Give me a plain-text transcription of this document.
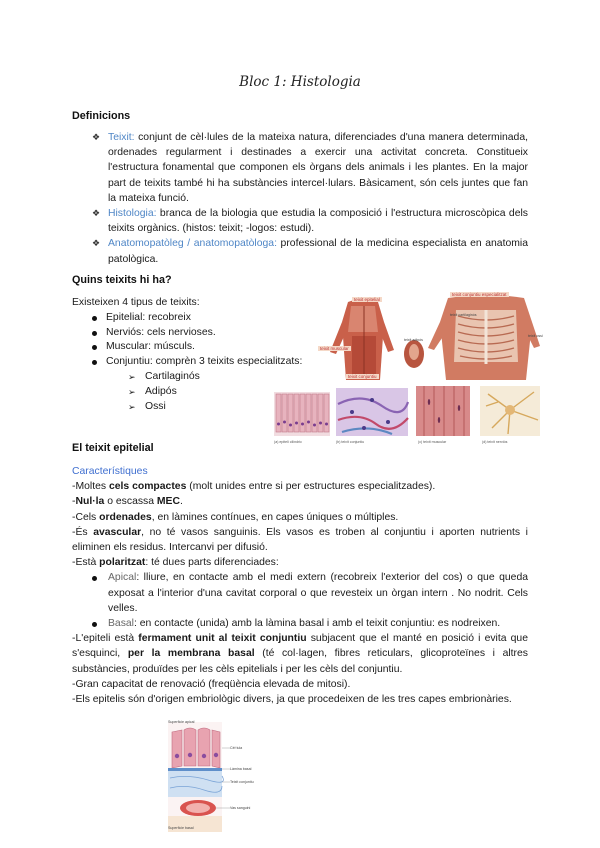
Bloc 1: Histologia
Definicions
❖ Teixit: conjunt de cèl·lules de la mateixa natura, diferenciades d'una manera determinada, ordenades regularment i destinades a exercir una activitat concreta. Constitueix l'estructura fonamental que componen els òrgans dels animals i les plantes. En la major part de teixits també hi ha substàncies intercel·lulars. Bàsicament, són cels juntes que fan la mateixa funció.
❖ Histologia: branca de la biologia que estudia la composició i l'estructura microscòpica dels teixits orgànics. (histos: teixit; -logos: estudi).
❖ Anatomopatòleg / anatomopatòloga: professional de la medicina especialista en anatomia patològica.
Quins teixits hi ha?
Existeixen 4 tipus de teixits:
Epitelial: recobreix
Nerviós: cels nervioses.
Muscular: músculs.
Conjuntiu: comprèn 3 teixits especialitzats:
➢ Cartilaginós
➢ Adipós
➢ Ossi
teixit epitelial
teixit conjuntiu especialitzat
teixit cartilaginós
teixit ossi
teixit adipós
teixit muscular
teixit conjuntiu
(a) epiteli cilíndric	(b) teixit conjuntiu	(c) teixit muscular	(d) teixit nerviós
El teixit epitelial

Característiques

-Moltes cels compactes (molt unides entre si per estructures especialitzades).

-Nul·la o escassa MEC.

-Cels ordenades, en làmines contínues, en capes úniques o múltiples.

-És avascular, no té vasos sanguinis. Els vasos es troben al conjuntiu i aporten nutrients i eliminen els residus. Intercanvi per difusió.

-Està polaritzat: té dues parts diferenciades:

Apical: lliure, en contacte amb el medi extern (recobreix l'exterior del cos) o que queda exposat a l'interior d'una cavitat corporal o que revesteix un òrgan intern . No nodrit. Cels velles.

Basal: en contacte (unida) amb la làmina basal i amb el teixit conjuntiu: es nodreixen.

-L'epiteli està fermament unit al teixit conjuntiu subjacent que el manté en posició i evita que s'esquinci, per la membrana basal (té col·lagen, fibres reticulars, glicoproteïnes i altres substàncies, produïdes per les cèls epitelials i per les cèls del conjuntiu.

-Gran capacitat de renovació (freqüència elevada de mitosi).

-Els epitelis són d'origen embriològic divers, ja que procedeixen de les tres capes embrionàries.

Superficie apical
Cèl·lula
Làmina basal
Teixit conjuntiu
Vas sanguini
Superficie basal
